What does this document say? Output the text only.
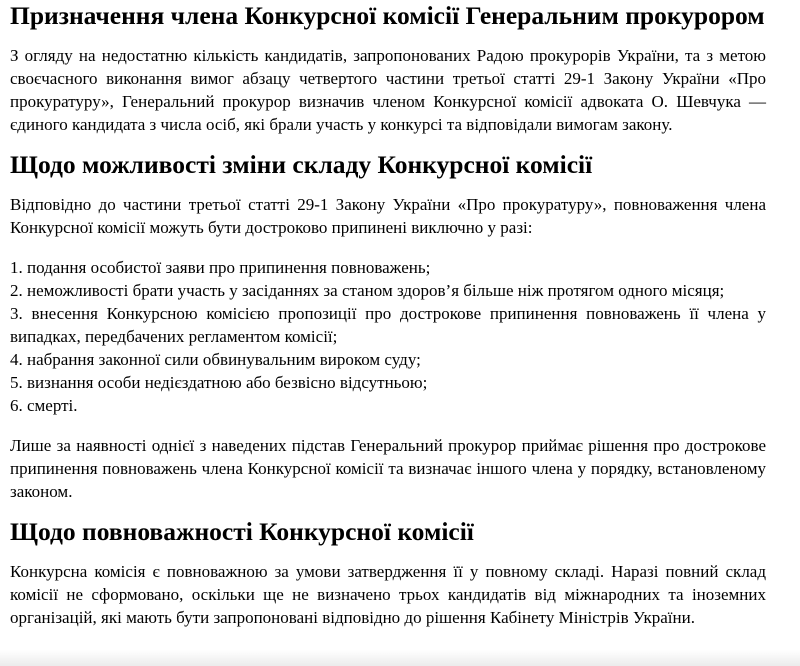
Призначення члена Конкурсної комісії Генеральним прокурором

З огляду на недостатню кількість кандидатів, запропонованих Радою прокурорів України, та з метою своєчасного виконання вимог абзацу четвертого частини третьої статті 29-1 Закону України «Про прокуратуру», Генеральний прокурор визначив членом Конкурсної комісії адвоката О. Шевчука — єдиного кандидата з числа осіб, які брали участь у конкурсі та відповідали вимогам закону.

Щодо можливості зміни складу Конкурсної комісії

Відповідно до частини третьої статті 29-1 Закону України «Про прокуратуру», повноваження члена Конкурсної комісії можуть бути достроково припинені виключно у разі:

1. подання особистої заяви про припинення повноважень;
2. неможливості брати участь у засіданнях за станом здоров’я більше ніж протягом одного місяця;
3. внесення Конкурсною комісією пропозиції про дострокове припинення повноважень її члена у випадках, передбачених регламентом комісії;
4. набрання законної сили обвинувальним вироком суду;
5. визнання особи недієздатною або безвісно відсутньою;
6. смерті.

Лише за наявності однієї з наведених підстав Генеральний прокурор приймає рішення про дострокове припинення повноважень члена Конкурсної комісії та визначає іншого члена у порядку, встановленому законом.

Щодо повноважності Конкурсної комісії

Конкурсна комісія є повноважною за умови затвердження її у повному складі. Наразі повний склад комісії не сформовано, оскільки ще не визначено трьох кандидатів від міжнародних та іноземних організацій, які мають бути запропоновані відповідно до рішення Кабінету Міністрів України.
